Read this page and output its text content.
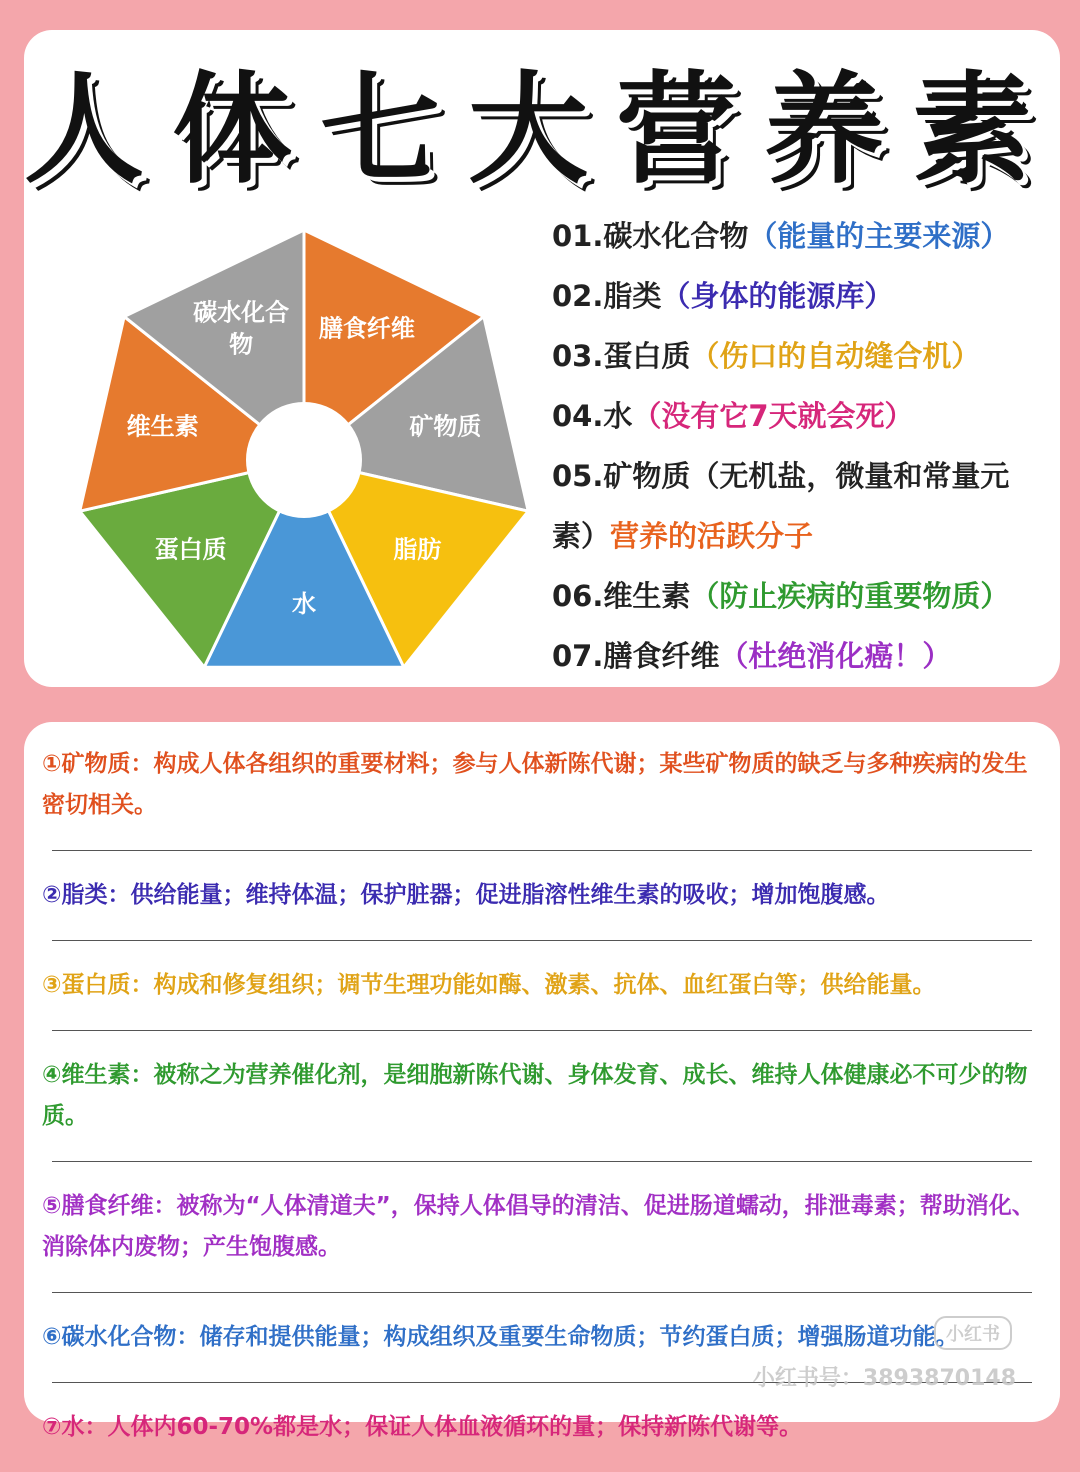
人体七大营养素
膳食纤维
矿物质
脂肪
水
蛋白质
维生素
碳水化合物
01.碳水化合物（能量的主要来源）
02.脂类（身体的能源库）
03.蛋白质（伤口的自动缝合机）
04.水（没有它7天就会死）
05.矿物质（无机盐，微量和常量元
素）营养的活跃分子
06.维生素（防止疾病的重要物质）
07.膳食纤维（杜绝消化癌！）

①矿物质：构成人体各组织的重要材料；参与人体新陈代谢；某些矿物质的缺乏与多种疾病的发生密切相关。

②脂类：供给能量；维持体温；保护脏器；促进脂溶性维生素的吸收；增加饱腹感。

③蛋白质：构成和修复组织；调节生理功能如酶、激素、抗体、血红蛋白等；供给能量。

④维生素：被称之为营养催化剂，是细胞新陈代谢、身体发育、成长、维持人体健康必不可少的物质。

⑤膳食纤维：被称为“人体清道夫”，保持人体倡导的清洁、促进肠道蠕动，排泄毒素；帮助消化、消除体内废物；产生饱腹感。

⑥碳水化合物：储存和提供能量；构成组织及重要生命物质；节约蛋白质；增强肠道功能。

⑦水：人体内60-70%都是水；保证人体血液循环的量；保持新陈代谢等。

小红书
小红书号：3893870148
